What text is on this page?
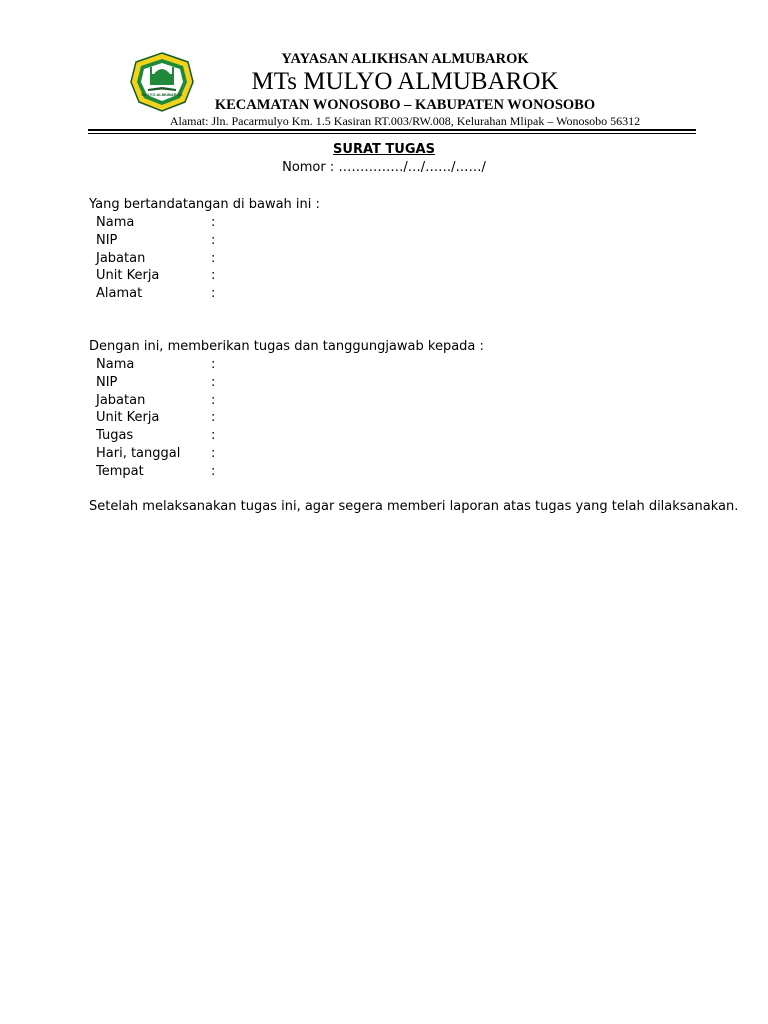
MULYO ALMUBAROK
YAYASAN ALIKHSAN ALMUBAROK
MTs MULYO ALMUBAROK
KECAMATAN WONOSOBO – KABUPATEN WONOSOBO
Alamat: Jln. Pacarmulyo Km. 1.5 Kasiran RT.003/RW.008, Kelurahan Mlipak – Wonosobo 56312
SURAT TUGAS
Nomor : ……………/…/……/……/
Yang bertandatangan di bawah ini :
Nama	:
NIP	:
Jabatan	:
Unit Kerja	:
Alamat	:
Dengan ini, memberikan tugas dan tanggungjawab kepada :
Nama	:
NIP	:
Jabatan	:
Unit Kerja	:
Tugas	:
Hari, tanggal :
Tempat	:
Setelah melaksanakan tugas ini, agar segera memberi laporan atas tugas yang telah dilaksanakan.
